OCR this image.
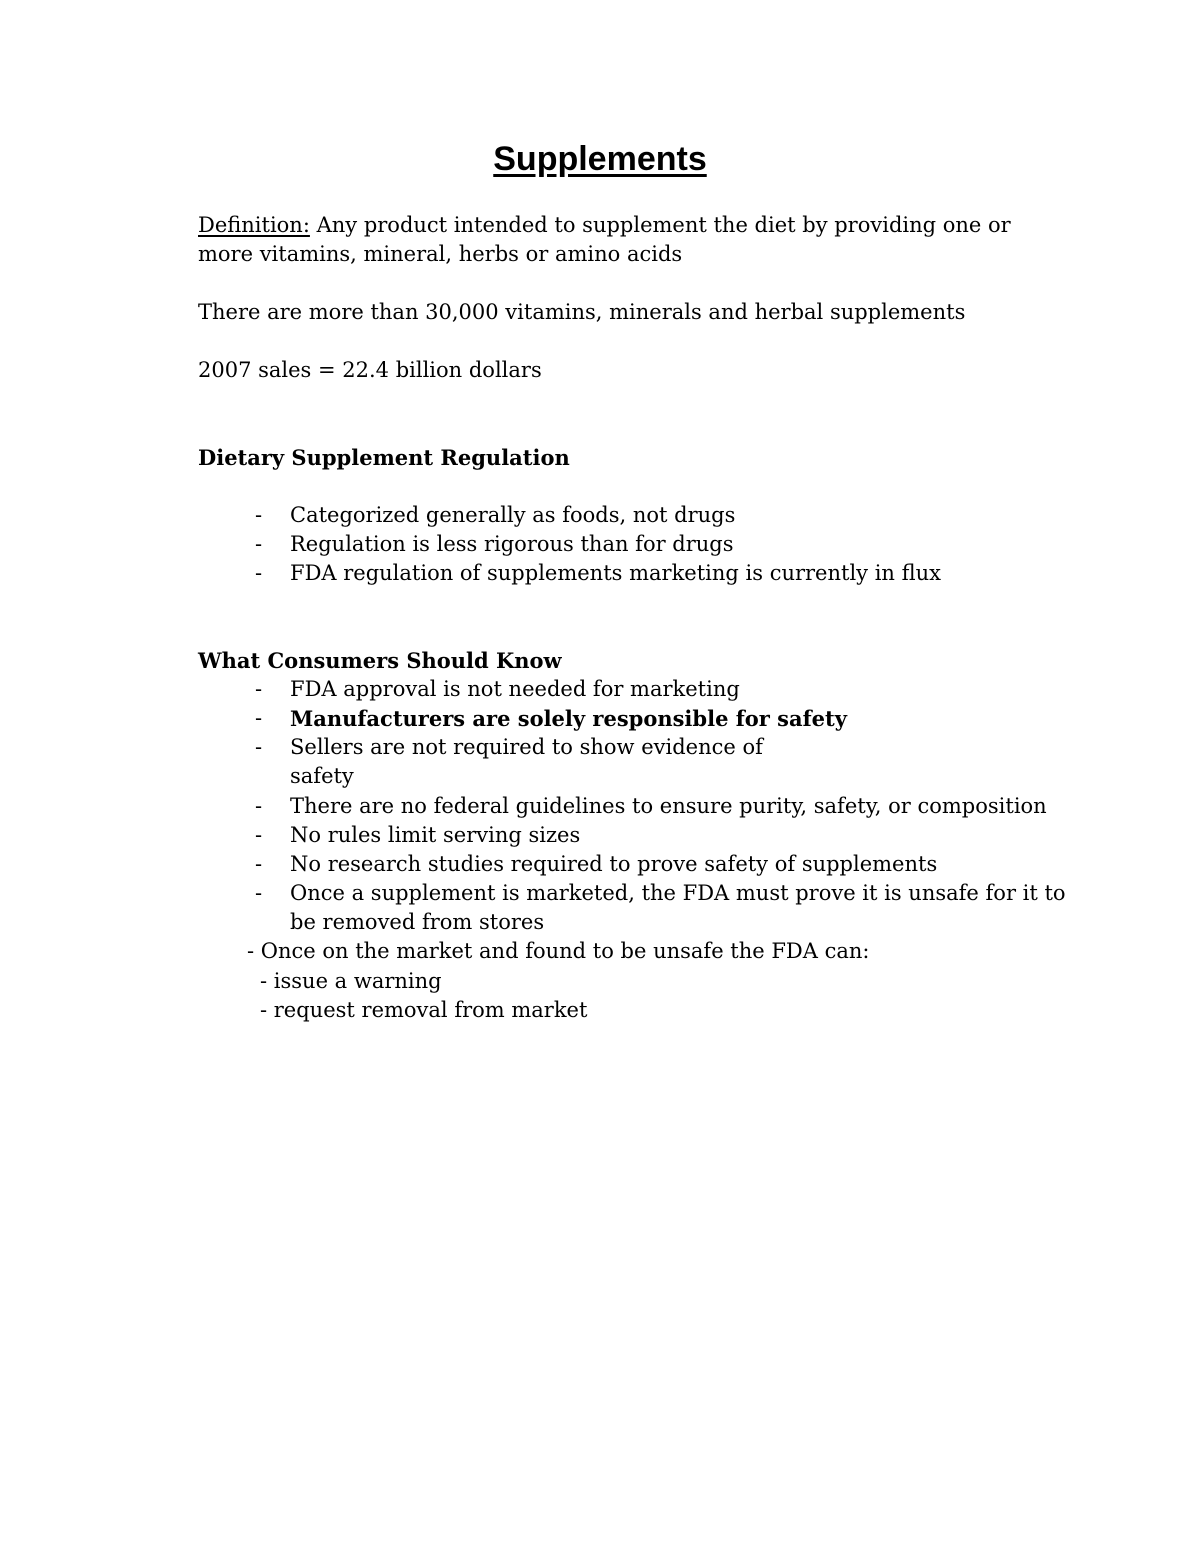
Supplements
Definition: Any product intended to supplement the diet by providing one or
more vitamins, mineral, herbs or amino acids
There are more than 30,000 vitamins, minerals and herbal supplements
2007 sales = 22.4 billion dollars
Dietary Supplement Regulation
- Categorized generally as foods, not drugs
- Regulation is less rigorous than for drugs
- FDA regulation of supplements marketing is currently in flux
What Consumers Should Know
- FDA approval is not needed for marketing
- Manufacturers are solely responsible for safety
- Sellers are not required to show evidence of
safety
- There are no federal guidelines to ensure purity, safety, or composition
- No rules limit serving sizes
- No research studies required to prove safety of supplements
- Once a supplement is marketed, the FDA must prove it is unsafe for it to
be removed from stores
- Once on the market and found to be unsafe the FDA can:
- issue a warning
- request removal from market
